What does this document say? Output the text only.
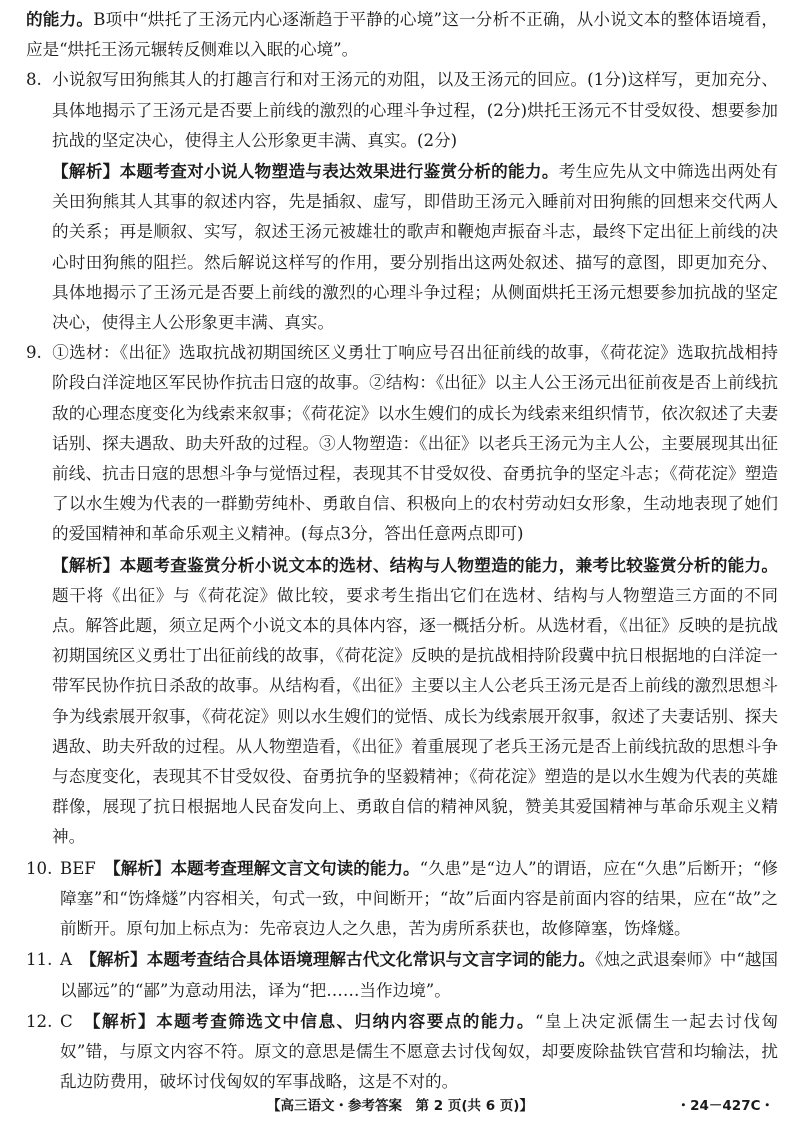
的能力。B项中“烘托了王汤元内心逐渐趋于平静的心境”这一分析不正确，从小说文本的整体语境看，应是“烘托王汤元辗转反侧难以入眠的心境”。

8. 小说叙写田狗熊其人的打趣言行和对王汤元的劝阻，以及王汤元的回应。(1分)这样写，更加充分、具体地揭示了王汤元是否要上前线的激烈的心理斗争过程，(2分)烘托王汤元不甘受奴役、想要参加抗战的坚定决心，使得主人公形象更丰满、真实。(2分)

【解析】本题考查对小说人物塑造与表达效果进行鉴赏分析的能力。考生应先从文中筛选出两处有关田狗熊其人其事的叙述内容，先是插叙、虚写，即借助王汤元入睡前对田狗熊的回想来交代两人的关系；再是顺叙、实写，叙述王汤元被雄壮的歌声和鞭炮声振奋斗志，最终下定出征上前线的决心时田狗熊的阻拦。然后解说这样写的作用，要分别指出这两处叙述、描写的意图，即更加充分、具体地揭示了王汤元是否要上前线的激烈的心理斗争过程；从侧面烘托王汤元想要参加抗战的坚定决心，使得主人公形象更丰满、真实。

9. ①选材：《出征》选取抗战初期国统区义勇壮丁响应号召出征前线的故事，《荷花淀》选取抗战相持阶段白洋淀地区军民协作抗击日寇的故事。②结构：《出征》以主人公王汤元出征前夜是否上前线抗敌的心理态度变化为线索来叙事；《荷花淀》以水生嫂们的成长为线索来组织情节，依次叙述了夫妻话别、探夫遇敌、助夫歼敌的过程。③人物塑造：《出征》以老兵王汤元为主人公，主要展现其出征前线、抗击日寇的思想斗争与觉悟过程，表现其不甘受奴役、奋勇抗争的坚定斗志；《荷花淀》塑造了以水生嫂为代表的一群勤劳纯朴、勇敢自信、积极向上的农村劳动妇女形象，生动地表现了她们的爱国精神和革命乐观主义精神。(每点3分，答出任意两点即可)

【解析】本题考查鉴赏分析小说文本的选材、结构与人物塑造的能力，兼考比较鉴赏分析的能力。题干将《出征》与《荷花淀》做比较，要求考生指出它们在选材、结构与人物塑造三方面的不同点。解答此题，须立足两个小说文本的具体内容，逐一概括分析。从选材看，《出征》反映的是抗战初期国统区义勇壮丁出征前线的故事，《荷花淀》反映的是抗战相持阶段冀中抗日根据地的白洋淀一带军民协作抗日杀敌的故事。从结构看，《出征》主要以主人公老兵王汤元是否上前线的激烈思想斗争为线索展开叙事，《荷花淀》则以水生嫂们的觉悟、成长为线索展开叙事，叙述了夫妻话别、探夫遇敌、助夫歼敌的过程。从人物塑造看，《出征》着重展现了老兵王汤元是否上前线抗敌的思想斗争与态度变化，表现其不甘受奴役、奋勇抗争的坚毅精神；《荷花淀》塑造的是以水生嫂为代表的英雄群像，展现了抗日根据地人民奋发向上、勇敢自信的精神风貌，赞美其爱国精神与革命乐观主义精神。

10. BEF　 【解析】本题考查理解文言文句读的能力。“久患”是“边人”的谓语，应在“久患”后断开；“修障塞”和“饬烽燧”内容相关，句式一致，中间断开；“故”后面内容是前面内容的结果，应在“故”之前断开。原句加上标点为：先帝哀边人之久患，苦为虏所系获也，故修障塞，饬烽燧。

11. A　 【解析】本题考查结合具体语境理解古代文化常识与文言字词的能力。《烛之武退秦师》中“越国以鄙远”的“鄙”为意动用法，译为“把……当作边境”。

12. C　 【解析】本题考查筛选文中信息、归纳内容要点的能力。“皇上决定派儒生一起去讨伐匈奴”错，与原文内容不符。原文的意思是儒生不愿意去讨伐匈奴，却要废除盐铁官营和均输法，扰乱边防费用，破坏讨伐匈奴的军事战略，这是不对的。

【高三语文・参考答案　第 2 页(共 6 页)】	・24－427C・
